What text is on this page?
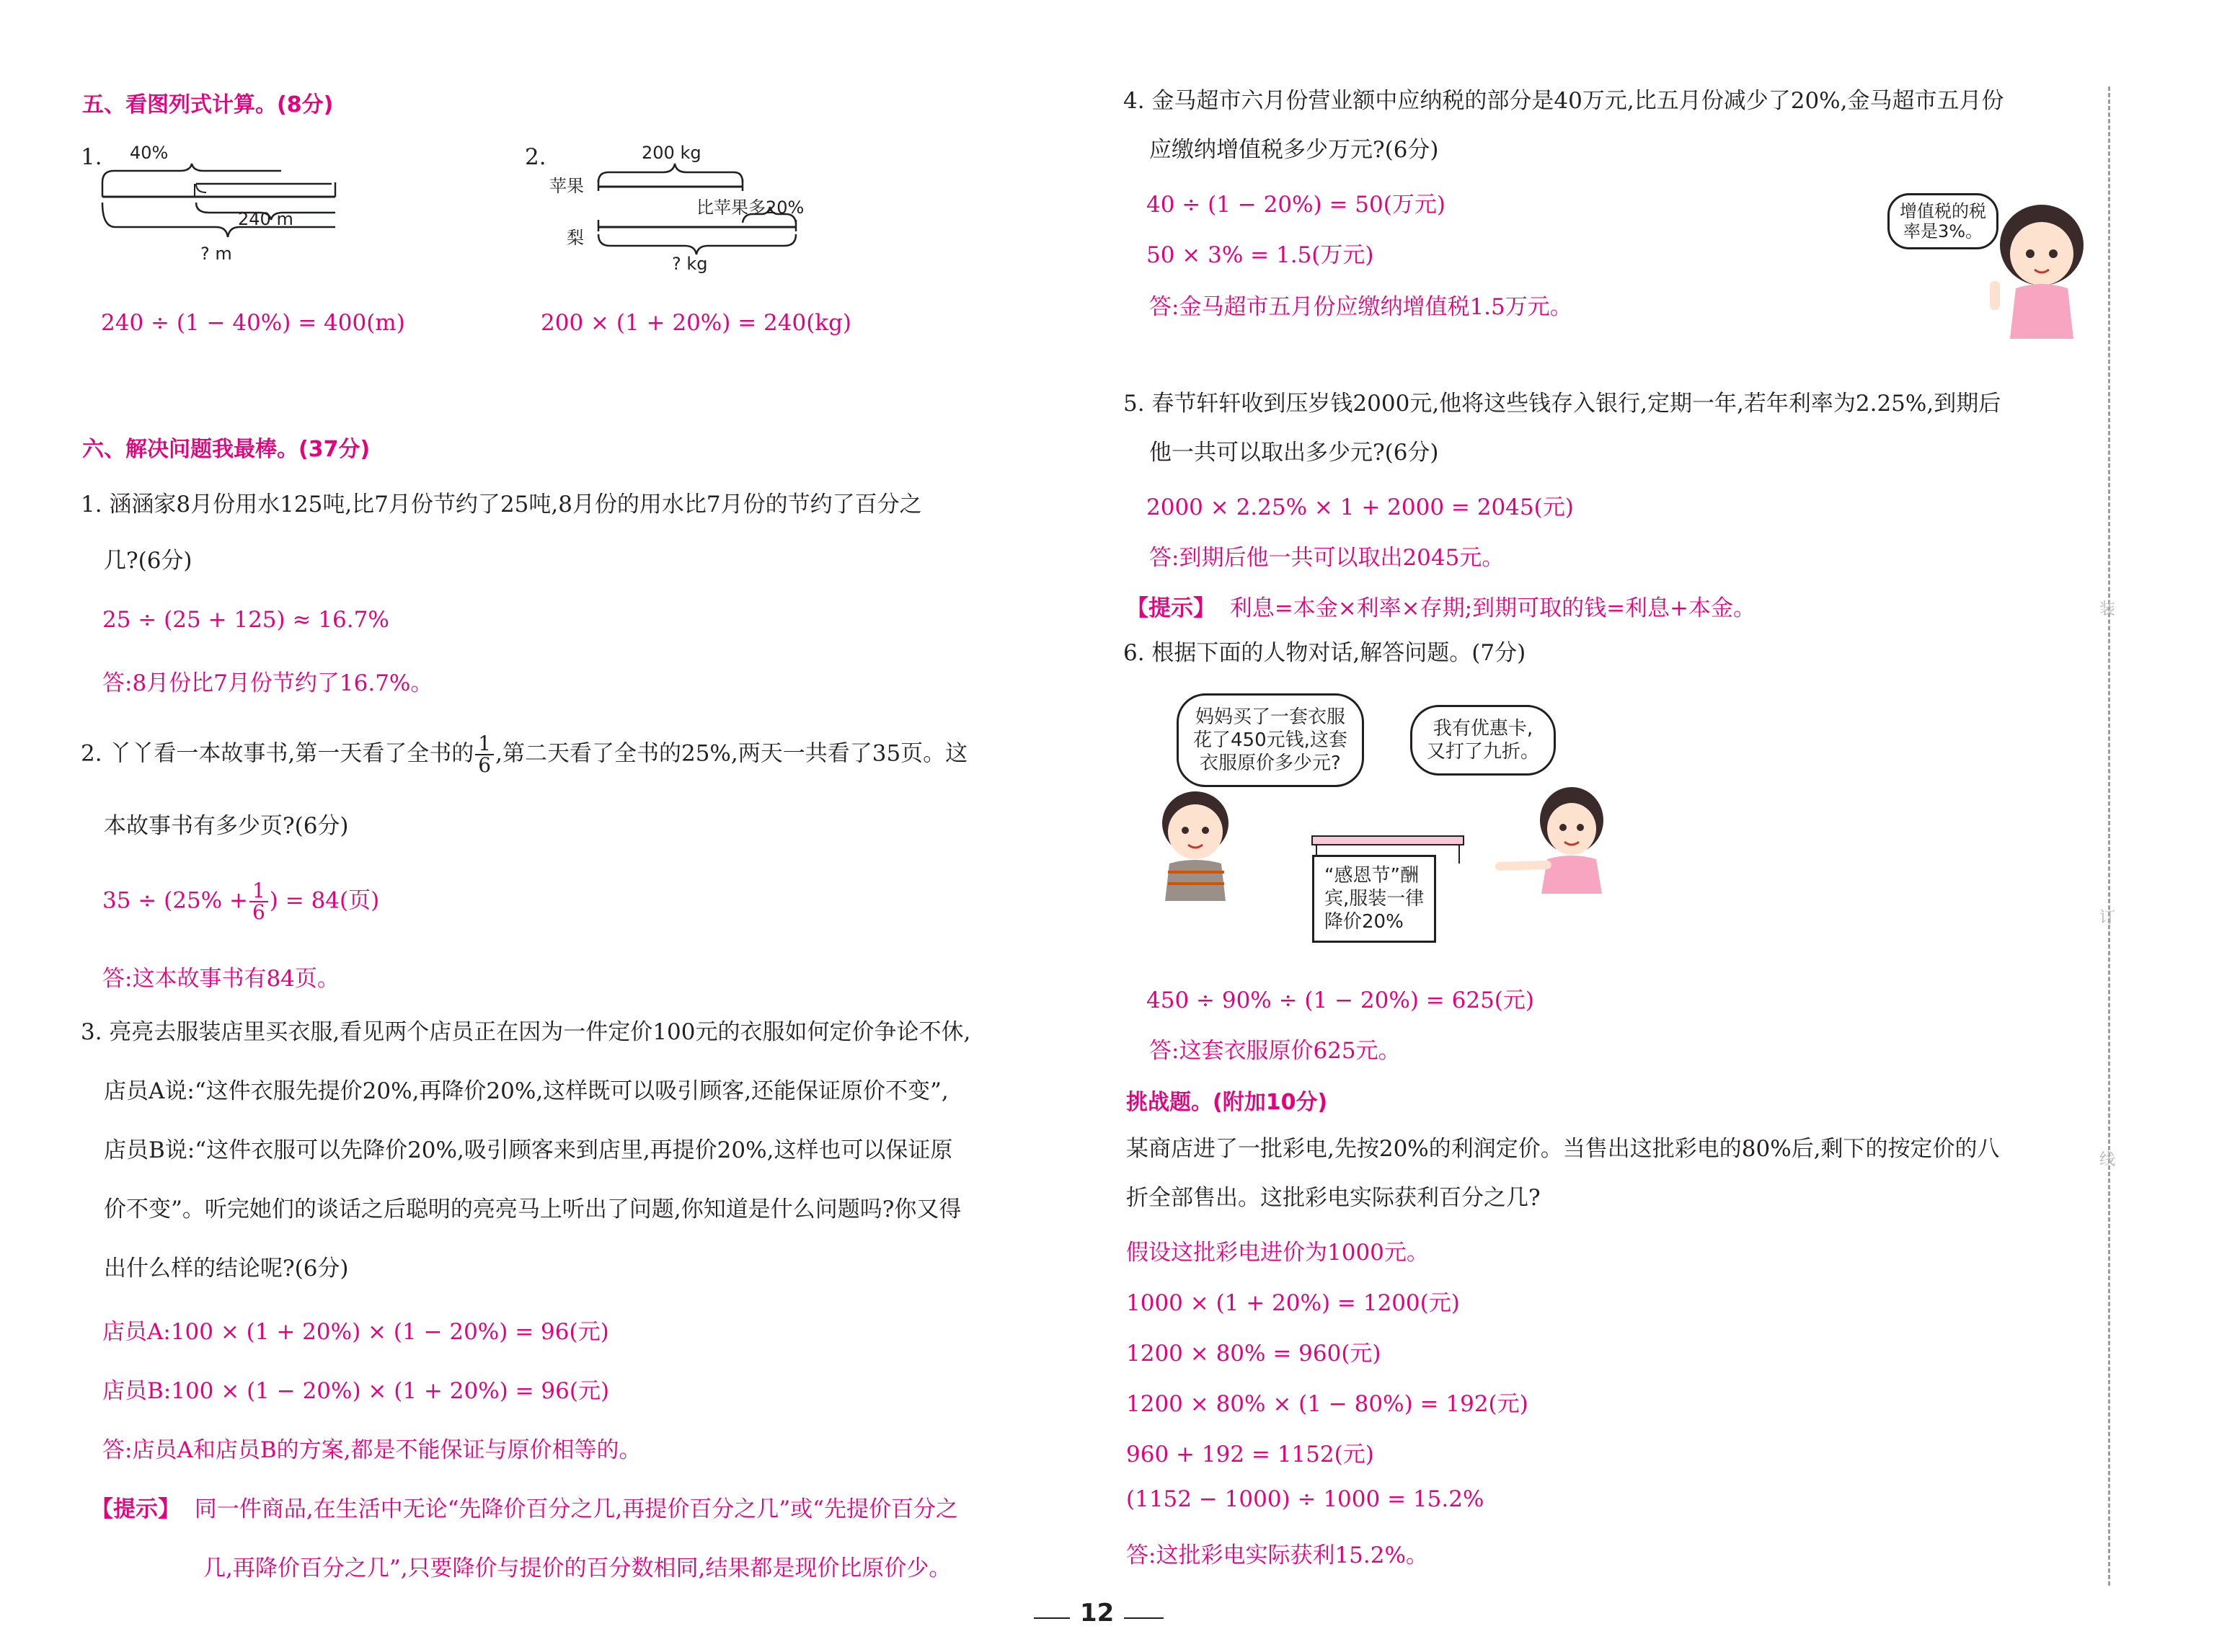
五、看图列式计算。(8分)
1. 40%
240 m
? m
240 ÷ (1 − 40%) = 400(m)
2.	200 kg
苹果
比苹果多20%
梨
? kg
200 × (1 + 20%) = 240(kg)
六、解决问题我最棒。(37分)
1. 涵涵家8月份用水125吨,比7月份节约了25吨,8月份的用水比7月份的节约了百分之
几?(6分)
25 ÷ (25 + 125) ≈ 16.7%
答:8月份比7月份节约了16.7%。
2. 丫丫看一本故事书,第一天看了全书的 $\frac{1}{6}$ ,第二天看了全书的25%,两天一共看了35页。这
本故事书有多少页?(6分)
$35 \div (25\% + \frac{1}{6}$ ) = 84(页)
答:这本故事书有84页。
3. 亮亮去服装店里买衣服,看见两个店员正在因为一件定价100元的衣服如何定价争论不休,
店员A说:“这件衣服先提价20%,再降价20%,这样既可以吸引顾客,还能保证原价不变”,
店员B说:“这件衣服可以先降价20%,吸引顾客来到店里,再提价20%,这样也可以保证原
价不变”。听完她们的谈话之后聪明的亮亮马上听出了问题,你知道是什么问题吗?你又得
出什么样的结论呢?(6分)
店员A:100 × (1 + 20%) × (1 − 20%) = 96(元)
店员B:100 × (1 − 20%) × (1 + 20%) = 96(元)
答:店员A和店员B的方案,都是不能保证与原价相等的。
【提示】 同一件商品,在生活中无论“先降价百分之几,再提价百分之几”或“先提价百分之
几,再降价百分之几”,只要降价与提价的百分数相同,结果都是现价比原价少。
4. 金马超市六月份营业额中应纳税的部分是40万元,比五月份减少了20%,金马超市五月份
应缴纳增值税多少万元?(6分)
40 ÷ (1 − 20%) = 50(万元)
50 × 3% = 1.5(万元)
答:金马超市五月份应缴纳增值税1.5万元。
增值税的税
率是3%。
5. 春节轩轩收到压岁钱2000元,他将这些钱存入银行,定期一年,若年利率为2.25%,到期后
他一共可以取出多少元?(6分)
2000 × 2.25% × 1 + 2000 = 2045(元)
答:到期后他一共可以取出2045元。
【提示】 利息=本金×利率×存期;到期可取的钱=利息+本金。
6. 根据下面的人物对话,解答问题。(7分)
妈妈买了一套衣服
花了450元钱,这套
衣服原价多少元?
我有优惠卡,
又打了九折。
“感恩节”酬
宾,服装一律
降价20%
450 ÷ 90% ÷ (1 − 20%) = 625(元)
答:这套衣服原价625元。
挑战题。(附加10分)
某商店进了一批彩电,先按20%的利润定价。当售出这批彩电的80%后,剩下的按定价的八
折全部售出。这批彩电实际获利百分之几?
假设这批彩电进价为1000元。
1000 × (1 + 20%) = 1200(元)
1200 × 80% = 960(元)
1200 × 80% × (1 − 80%) = 192(元)
960 + 192 = 1152(元)
(1152 − 1000) ÷ 1000 = 15.2%
答:这批彩电实际获利15.2%。
装
订
线
12
